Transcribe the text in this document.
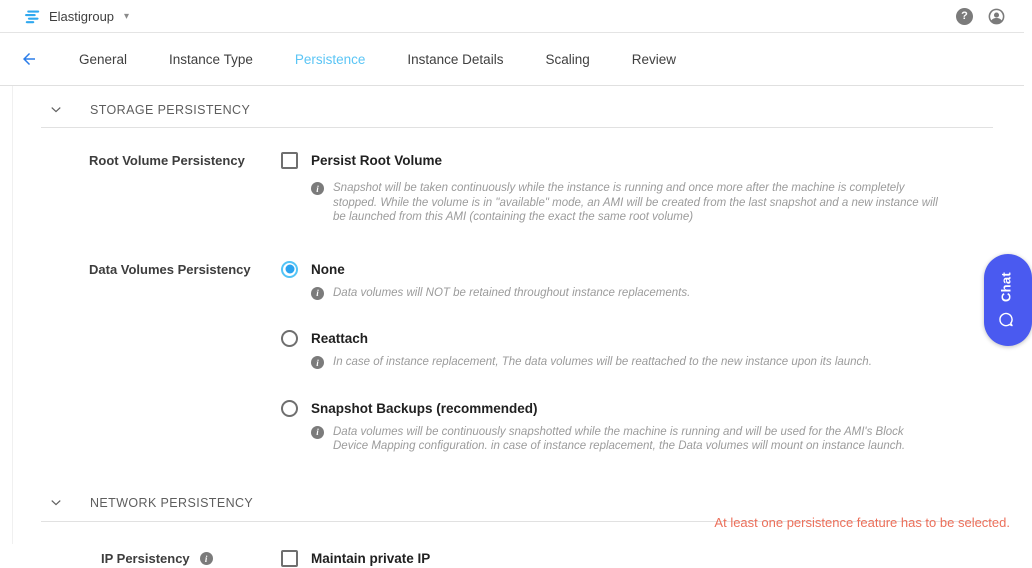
Elastigroup ▾	?
General	Instance Type	Persistence	Instance Details	Scaling	Review
STORAGE PERSISTENCY
Root Volume Persistency	Persist Root Volume
i	Snapshot will be taken continuously while the instance is running and once more after the machine is completely stopped. While the volume is in "available" mode, an AMI will be created from the last snapshot and a new instance will be launched from this AMI (containing the exact the same root volume)
Data Volumes Persistency	None
i	Data volumes will NOT be retained throughout instance replacements.
Reattach
i	In case of instance replacement, The data volumes will be reattached to the new instance upon its launch.
Snapshot Backups (recommended)
i	Data volumes will be continuously snapshotted while the machine is running and will be used for the AMI's Block Device Mapping configuration. in case of instance replacement, the Data volumes will mount on instance launch.
NETWORK PERSISTENCY
IP Persistency	i	Maintain private IP
At least one persistence feature has to be selected.
Chat
